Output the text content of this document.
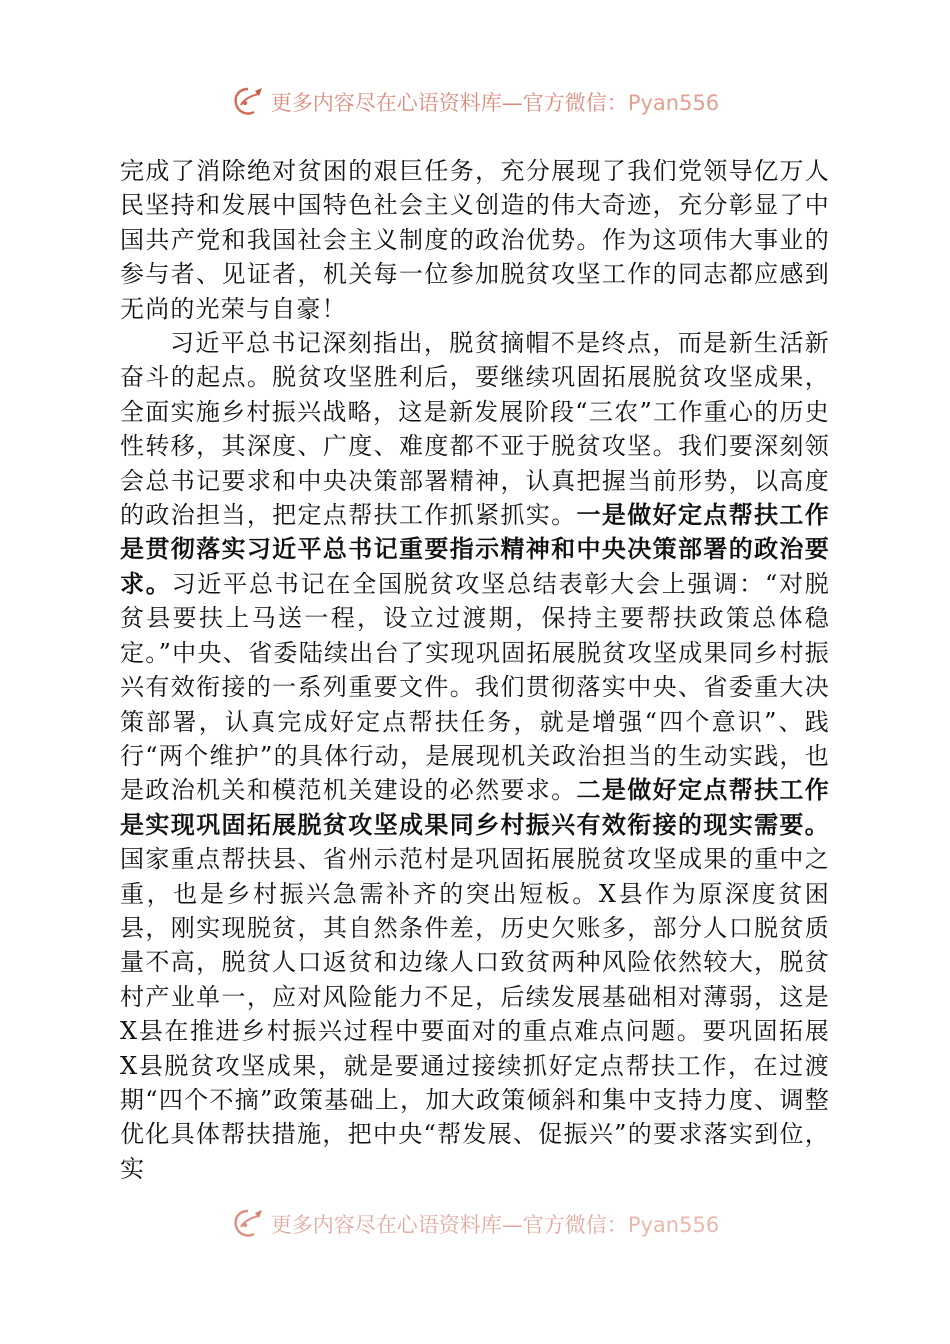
更多内容尽在心语资料库—官方微信：Pyan556

完成了消除绝对贫困的艰巨任务，充分展现了我们党领导亿万人民坚持和发展中国特色社会主义创造的伟大奇迹，充分彰显了中国共产党和我国社会主义制度的政治优势。作为这项伟大事业的参与者、见证者，机关每一位参加脱贫攻坚工作的同志都应感到无尚的光荣与自豪！

习近平总书记深刻指出，脱贫摘帽不是终点，而是新生活新奋斗的起点。脱贫攻坚胜利后，要继续巩固拓展脱贫攻坚成果，全面实施乡村振兴战略，这是新发展阶段“三农”工作重心的历史性转移，其深度、广度、难度都不亚于脱贫攻坚。我们要深刻领会总书记要求和中央决策部署精神，认真把握当前形势，以高度的政治担当，把定点帮扶工作抓紧抓实。一是做好定点帮扶工作是贯彻落实习近平总书记重要指示精神和中央决策部署的政治要求。习近平总书记在全国脱贫攻坚总结表彰大会上强调：“对脱贫县要扶上马送一程，设立过渡期，保持主要帮扶政策总体稳定。”中央、省委陆续出台了实现巩固拓展脱贫攻坚成果同乡村振兴有效衔接的一系列重要文件。我们贯彻落实中央、省委重大决策部署，认真完成好定点帮扶任务，就是增强“四个意识”、践行“两个维护”的具体行动，是展现机关政治担当的生动实践，也是政治机关和模范机关建设的必然要求。二是做好定点帮扶工作是实现巩固拓展脱贫攻坚成果同乡村振兴有效衔接的现实需要。国家重点帮扶县、省州示范村是巩固拓展脱贫攻坚成果的重中之重，也是乡村振兴急需补齐的突出短板。X县作为原深度贫困县，刚实现脱贫，其自然条件差，历史欠账多，部分人口脱贫质量不高，脱贫人口返贫和边缘人口致贫两种风险依然较大，脱贫村产业单一，应对风险能力不足，后续发展基础相对薄弱，这是X县在推进乡村振兴过程中要面对的重点难点问题。要巩固拓展X县脱贫攻坚成果，就是要通过接续抓好定点帮扶工作，在过渡期“四个不摘”政策基础上，加大政策倾斜和集中支持力度、调整优化具体帮扶措施，把中央“帮发展、促振兴”的要求落实到位，实

更多内容尽在心语资料库—官方微信：Pyan556
